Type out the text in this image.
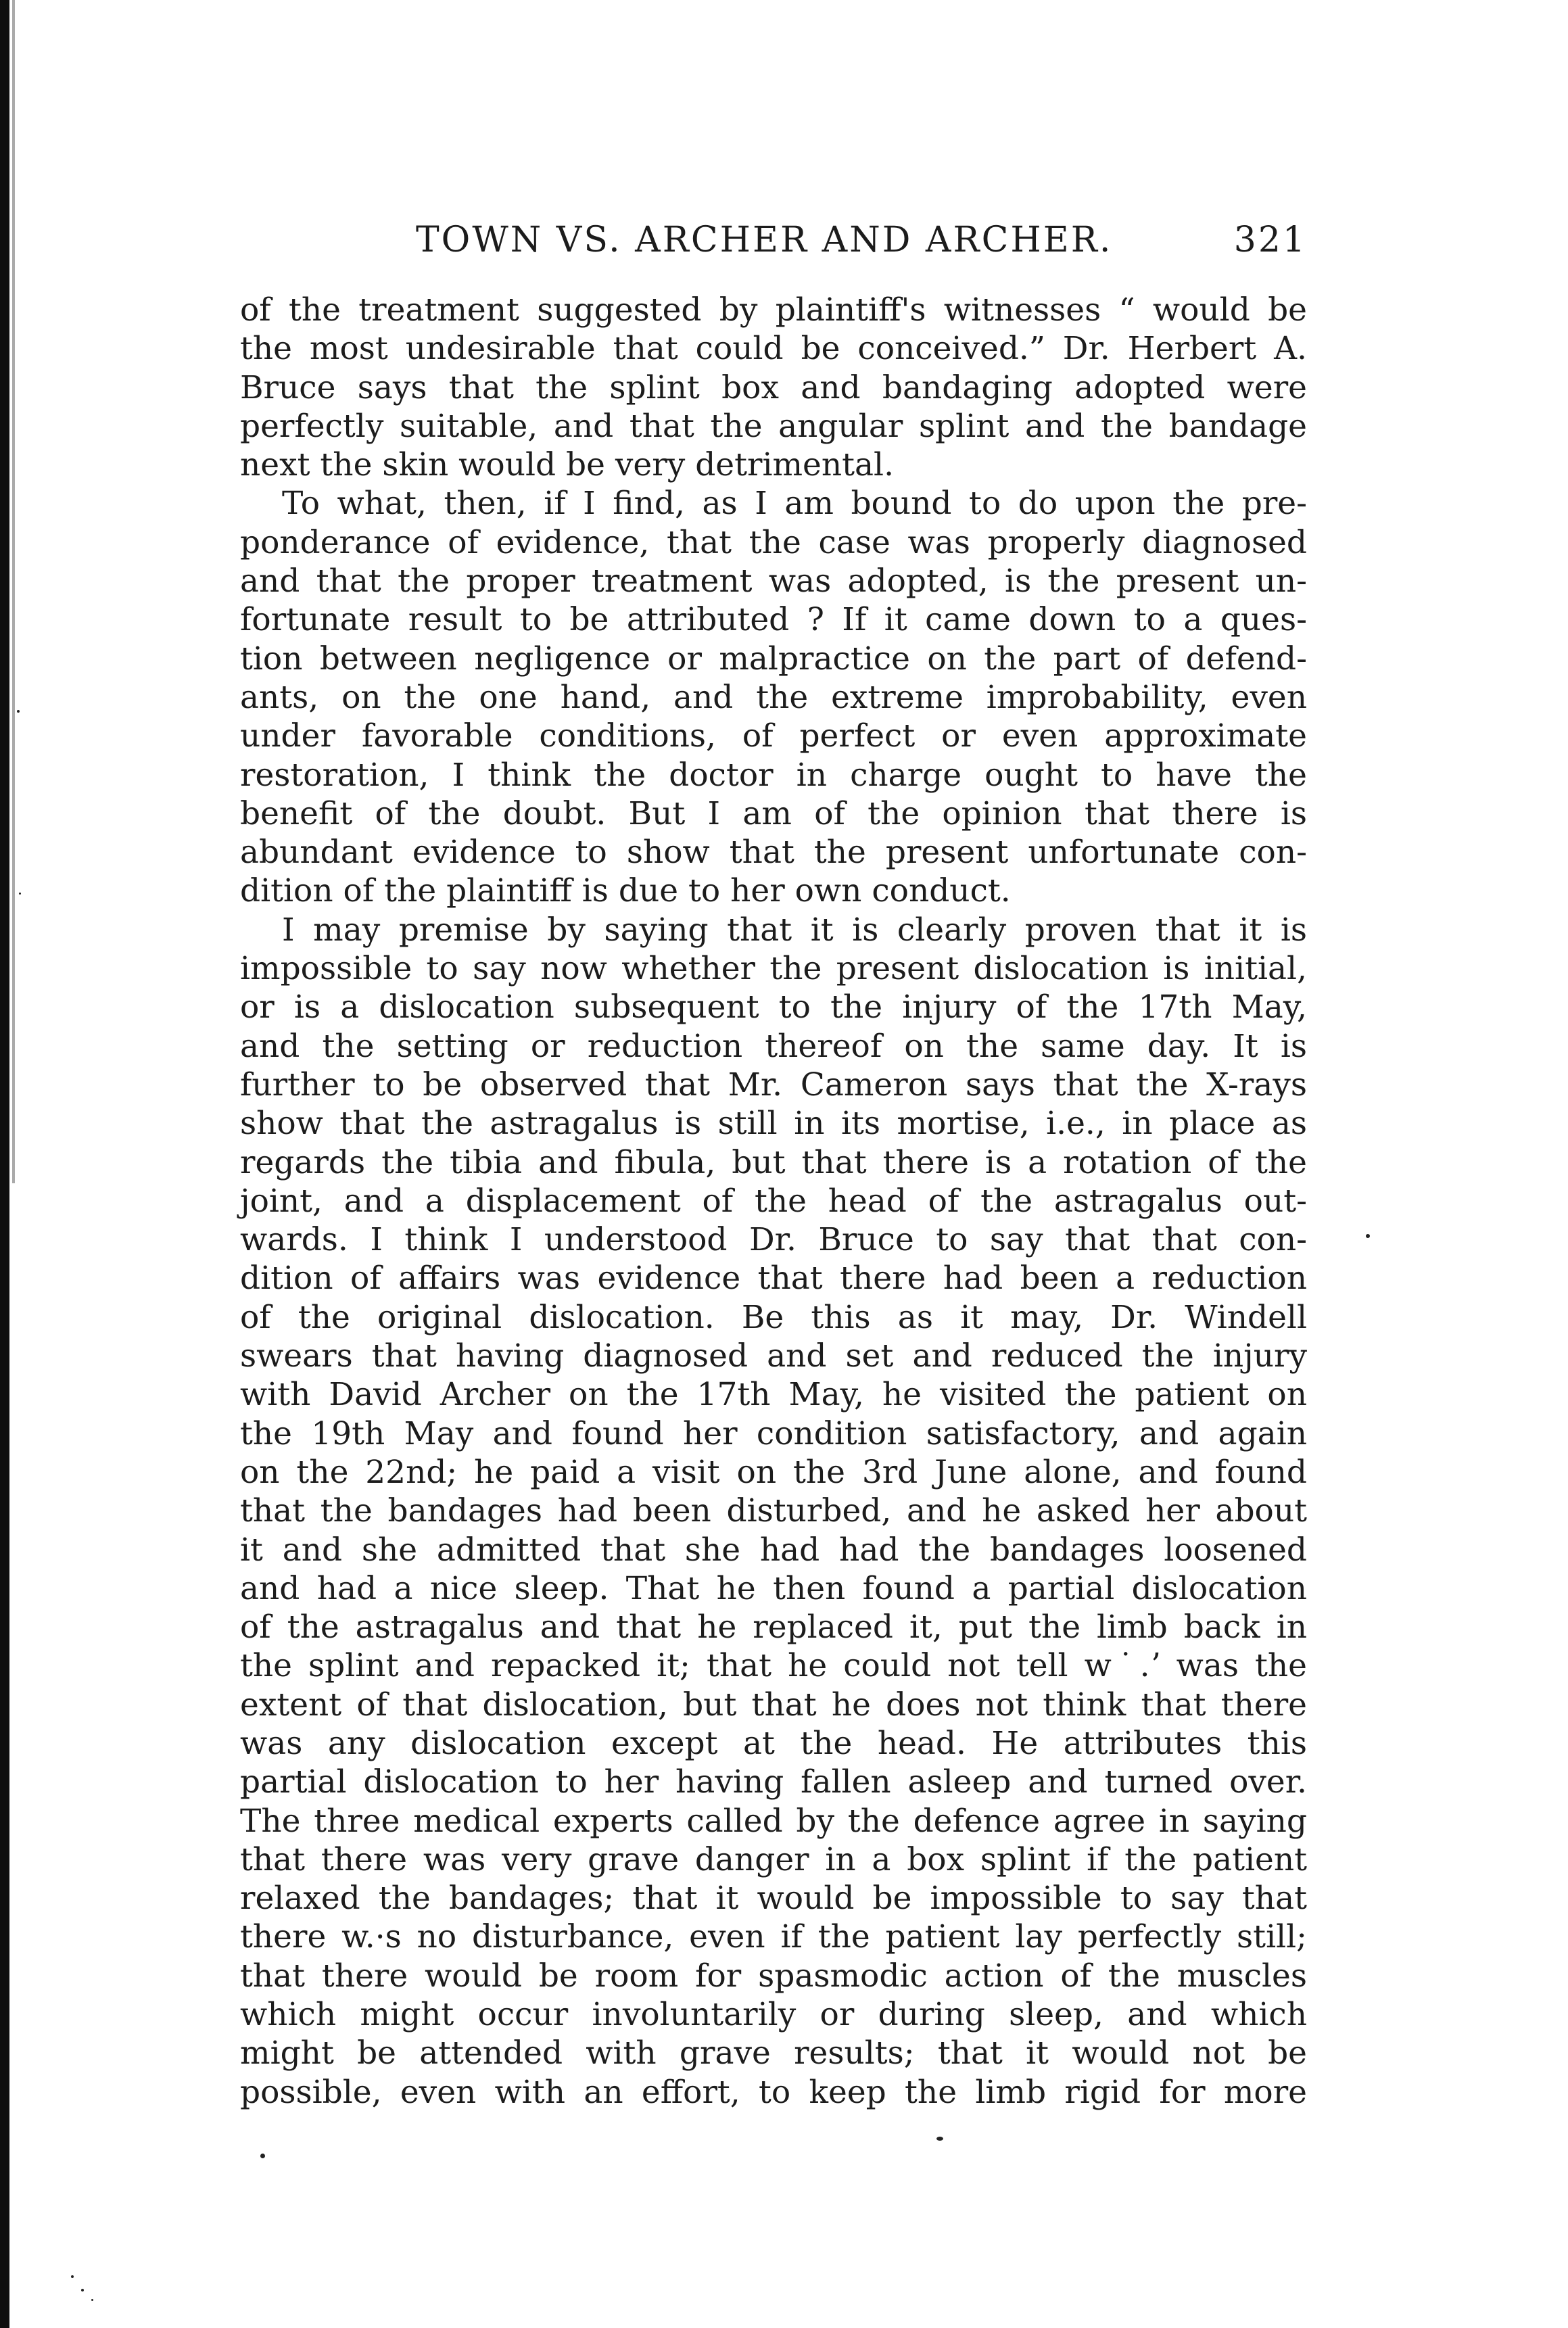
TOWN VS. ARCHER AND ARCHER.	321
of the treatment suggested by plaintiff's witnesses “ would be
the most undesirable that could be conceived.” Dr. Herbert A.
Bruce says that the splint box and bandaging adopted were
perfectly suitable, and that the angular splint and the bandage
next the skin would be very detrimental.
To what, then, if I find, as I am bound to do upon the pre-
ponderance of evidence, that the case was properly diagnosed
and that the proper treatment was adopted, is the present un-
fortunate result to be attributed ? If it came down to a ques-
tion between negligence or malpractice on the part of defend-
ants, on the one hand, and the extreme improbability, even
under favorable conditions, of perfect or even approximate
restoration, I think the doctor in charge ought to have the
benefit of the doubt. But I am of the opinion that there is
abundant evidence to show that the present unfortunate con-
dition of the plaintiff is due to her own conduct.
I may premise by saying that it is clearly proven that it is
impossible to say now whether the present dislocation is initial,
or is a dislocation subsequent to the injury of the 17th May,
and the setting or reduction thereof on the same day. It is
further to be observed that Mr. Cameron says that the X-rays
show that the astragalus is still in its mortise, i.e., in place as
regards the tibia and fibula, but that there is a rotation of the
joint, and a displacement of the head of the astragalus out-
wards. I think I understood Dr. Bruce to say that that con-
dition of affairs was evidence that there had been a reduction
of the original dislocation. Be this as it may, Dr. Windell
swears that having diagnosed and set and reduced the injury
with David Archer on the 17th May, he visited the patient on
the 19th May and found her condition satisfactory, and again
on the 22nd; he paid a visit on the 3rd June alone, and found
that the bandages had been disturbed, and he asked her about
it and she admitted that she had had the bandages loosened
and had a nice sleep. That he then found a partial dislocation
of the astragalus and that he replaced it, put the limb back in
the splint and repacked it; that he could not tell w˙.ʼ was the
extent of that dislocation, but that he does not think that there
was any dislocation except at the head. He attributes this
partial dislocation to her having fallen asleep and turned over.
The three medical experts called by the defence agree in saying
that there was very grave danger in a box splint if the patient
relaxed the bandages; that it would be impossible to say that
there w.·s no disturbance, even if the patient lay perfectly still;
that there would be room for spasmodic action of the muscles
which might occur involuntarily or during sleep, and which
might be attended with grave results; that it would not be
possible, even with an effort, to keep the limb rigid for more
